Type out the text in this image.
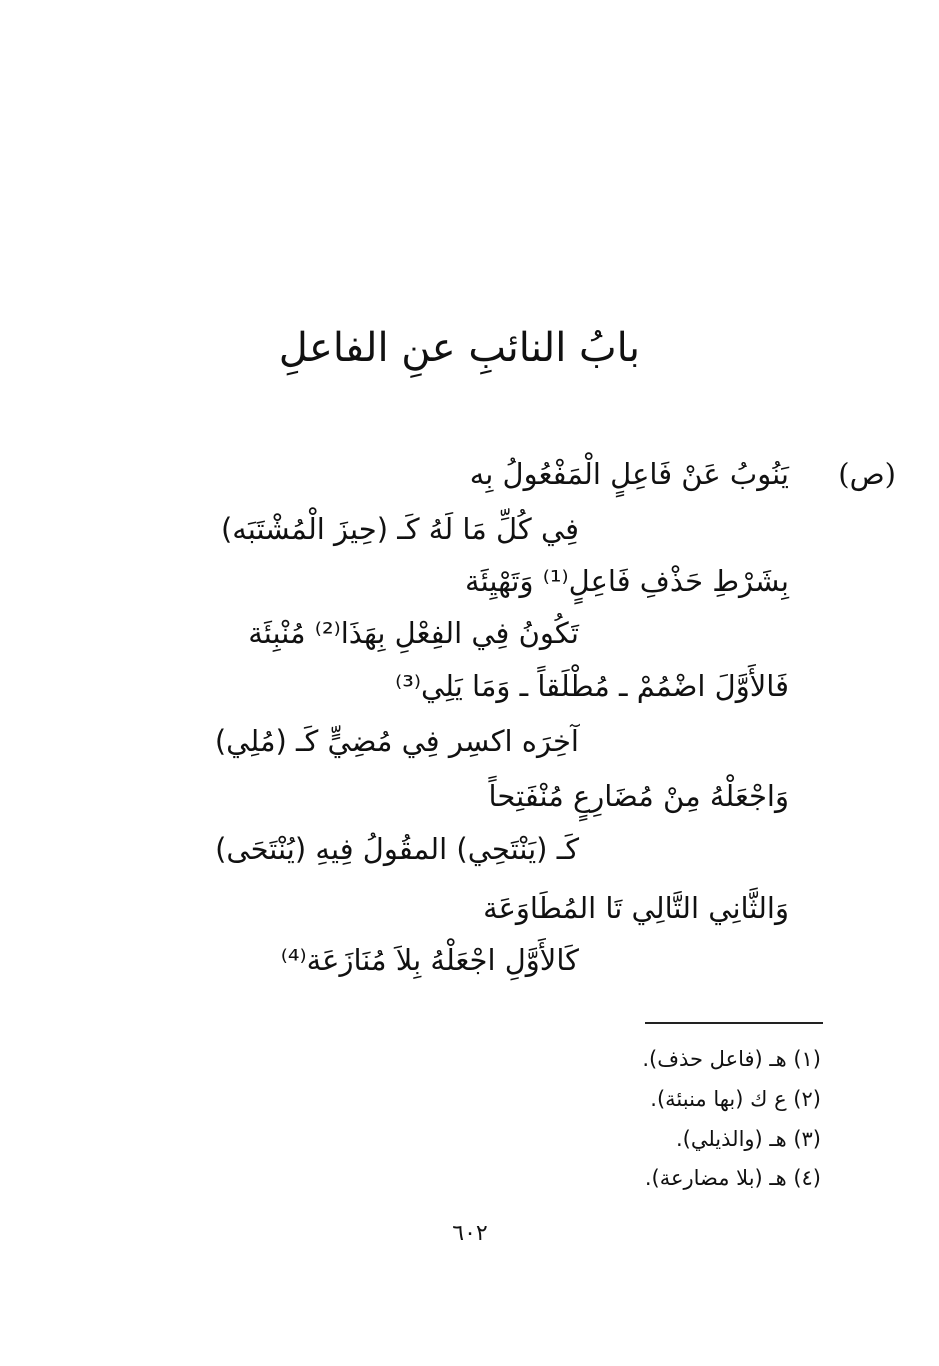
بابُ النائبِ عنِ الفاعلِ
(ص)
يَنُوبُ عَنْ فَاعِلٍ الْمَفْعُولُ بِه
فِي كُلِّ مَا لَهُ كَـ (حِيزَ الْمُشْتَبَه)
بِشَرْطِ حَذْفِ فَاعِلٍ⁽¹⁾ وَتَهْيِئَة
تَكُونُ فِي الفِعْلِ بِهَذَا⁽²⁾ مُنْبِئَة
فَالأَوَّلَ اضْمُمْ ـ مُطْلَقاً ـ وَمَا يَلِي⁽³⁾
آخِرَه اكسِر فِي مُضِيٍّ كَـ (مُلِي)
وَاجْعَلْهُ مِنْ مُضَارِعٍ مُنْفَتِحاً
كَـ (يَنْتَحِي) المقُولُ فِيهِ (يُنْتَحَى)
وَالثَّانِي التَّالِي تَا المُطَاوَعَة
كَالأَوَّلِ اجْعَلْهُ بِلاَ مُنَازَعَة⁽⁴⁾
(١) هـ (فاعل حذف).
(٢) ع ك (بها منبئة).
(٣) هـ (والذيلي).
(٤) هـ (بلا مضارعة).
٦٠٢
